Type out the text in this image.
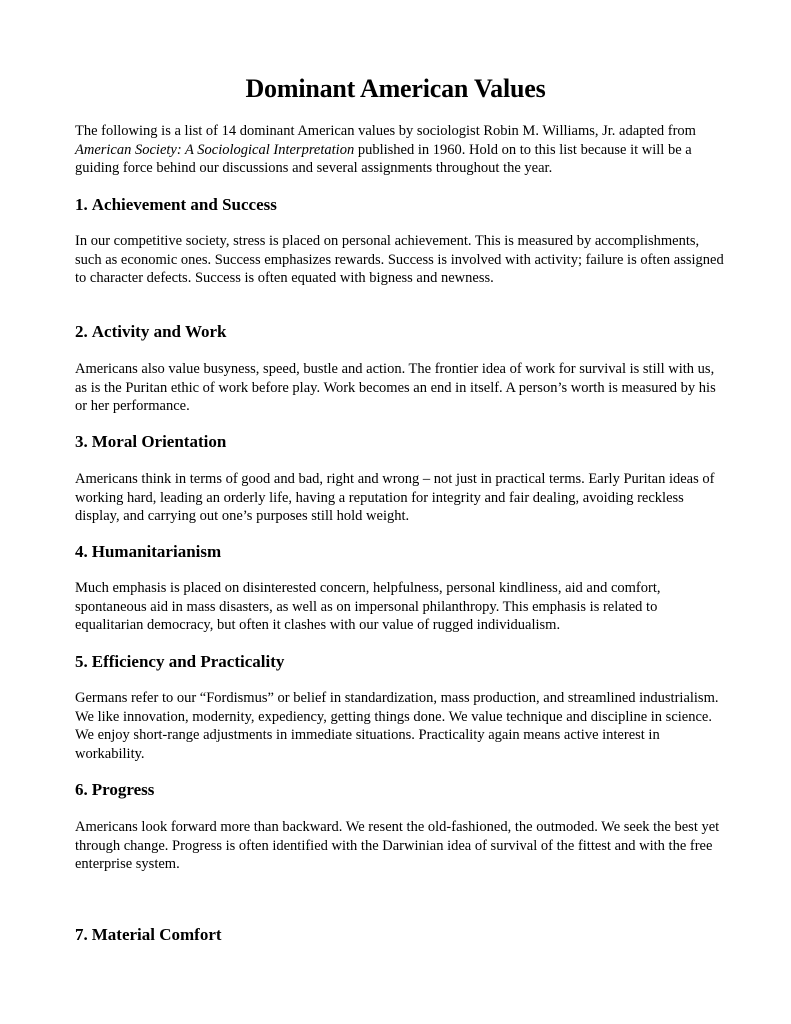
Dominant American Values

The following is a list of 14 dominant American values by sociologist Robin M. Williams, Jr. adapted from American Society: A Sociological Interpretation published in 1960. Hold on to this list because it will be a guiding force behind our discussions and several assignments throughout the year.

1. Achievement and Success

In our competitive society, stress is placed on personal achievement. This is measured by accomplishments, such as economic ones. Success emphasizes rewards. Success is involved with activity; failure is often assigned to character defects. Success is often equated with bigness and newness.

2. Activity and Work

Americans also value busyness, speed, bustle and action. The frontier idea of work for survival is still with us, as is the Puritan ethic of work before play. Work becomes an end in itself. A person’s worth is measured by his or her performance.

3. Moral Orientation

Americans think in terms of good and bad, right and wrong – not just in practical terms. Early Puritan ideas of working hard, leading an orderly life, having a reputation for integrity and fair dealing, avoiding reckless display, and carrying out one’s purposes still hold weight.

4. Humanitarianism

Much emphasis is placed on disinterested concern, helpfulness, personal kindliness, aid and comfort, spontaneous aid in mass disasters, as well as on impersonal philanthropy. This emphasis is related to equalitarian democracy, but often it clashes with our value of rugged individualism.

5. Efficiency and Practicality

Germans refer to our “Fordismus” or belief in standardization, mass production, and streamlined industrialism. We like innovation, modernity, expediency, getting things done. We value technique and discipline in science. We enjoy short-range adjustments in immediate situations. Practicality again means active interest in workability.

6. Progress

Americans look forward more than backward. We resent the old-fashioned, the outmoded. We seek the best yet through change. Progress is often identified with the Darwinian idea of survival of the fittest and with the free enterprise system.

7. Material Comfort
